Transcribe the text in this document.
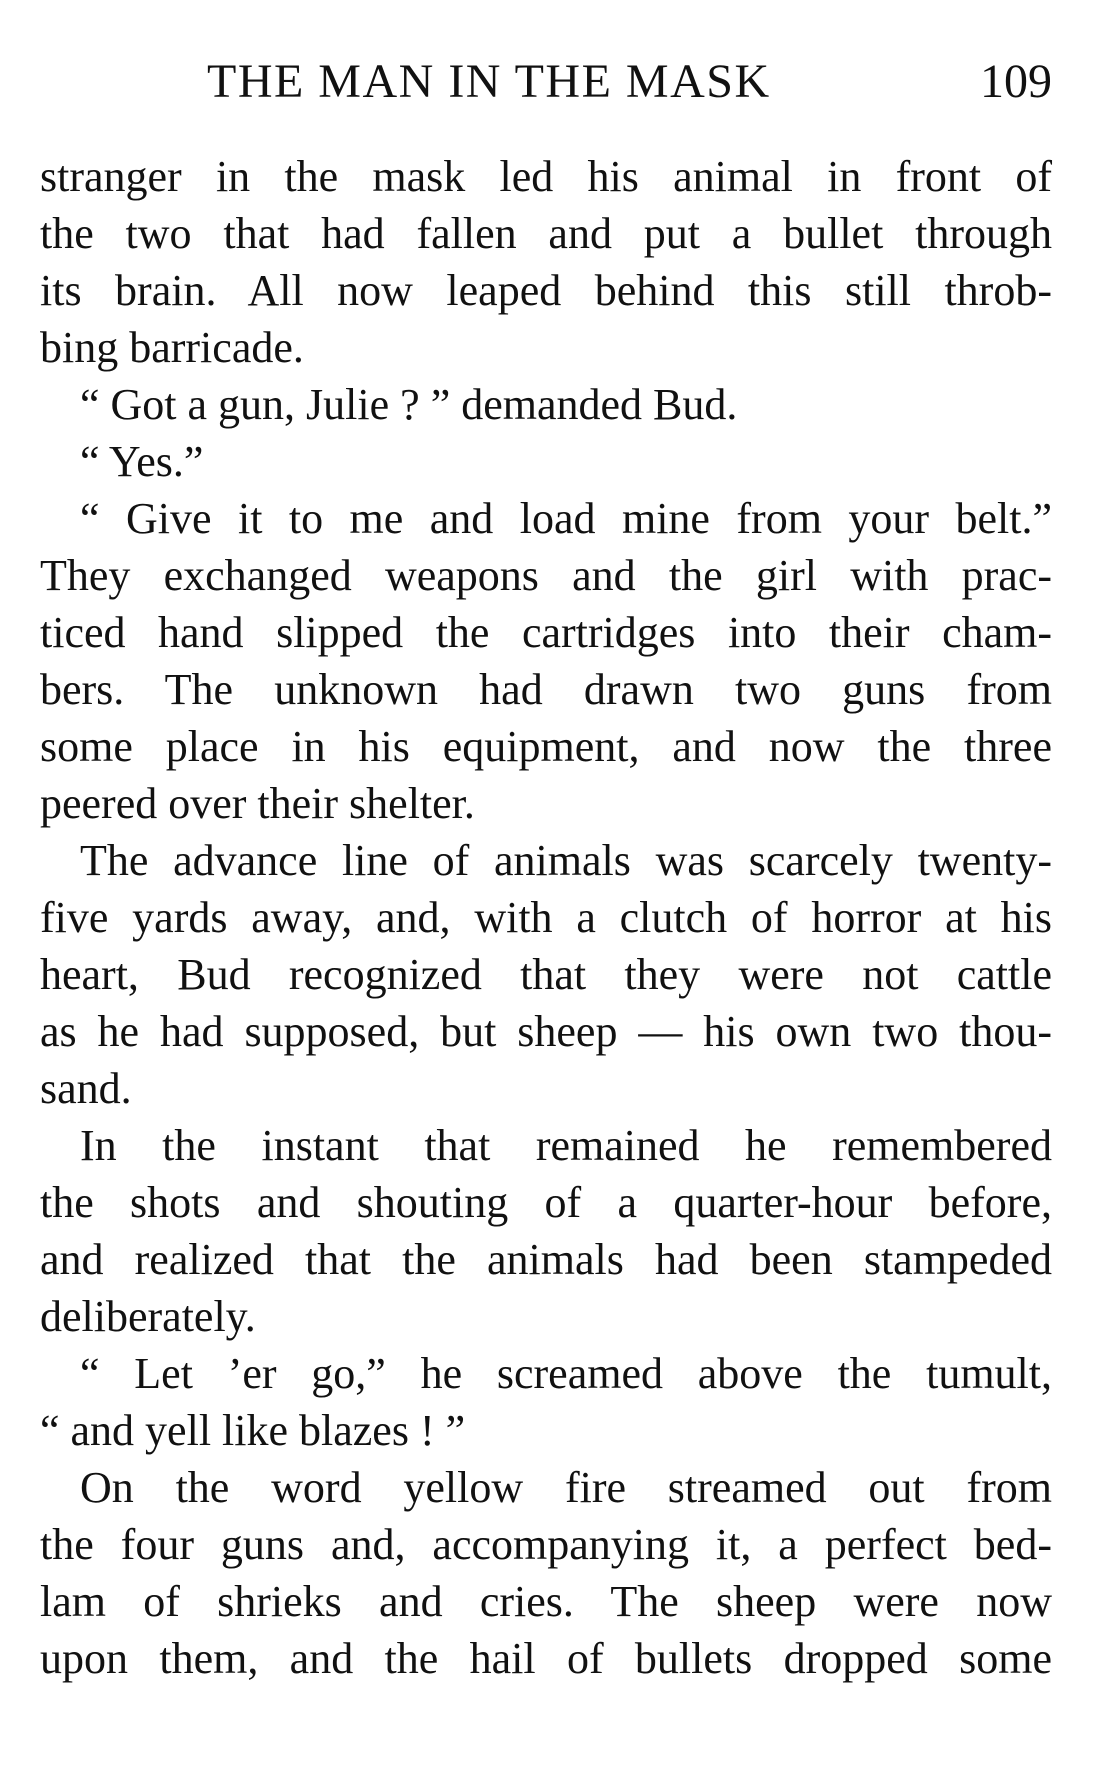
THE MAN IN THE MASK	109
stranger in the mask led his animal in front of
the two that had fallen and put a bullet through
its brain. All now leaped behind this still throb-
bing barricade.
“ Got a gun, Julie ? ” demanded Bud.
“ Yes.”
“ Give it to me and load mine from your belt.”
They exchanged weapons and the girl with prac-
ticed hand slipped the cartridges into their cham-
bers. The unknown had drawn two guns from
some place in his equipment, and now the three
peered over their shelter.
The advance line of animals was scarcely twenty-
five yards away, and, with a clutch of horror at his
heart, Bud recognized that they were not cattle
as he had supposed, but sheep — his own two thou-
sand.
In the instant that remained he remembered
the shots and shouting of a quarter-hour before,
and realized that the animals had been stampeded
deliberately.
“ Let ’er go,” he screamed above the tumult,
“ and yell like blazes ! ”
On the word yellow fire streamed out from
the four guns and, accompanying it, a perfect bed-
lam of shrieks and cries. The sheep were now
upon them, and the hail of bullets dropped some
